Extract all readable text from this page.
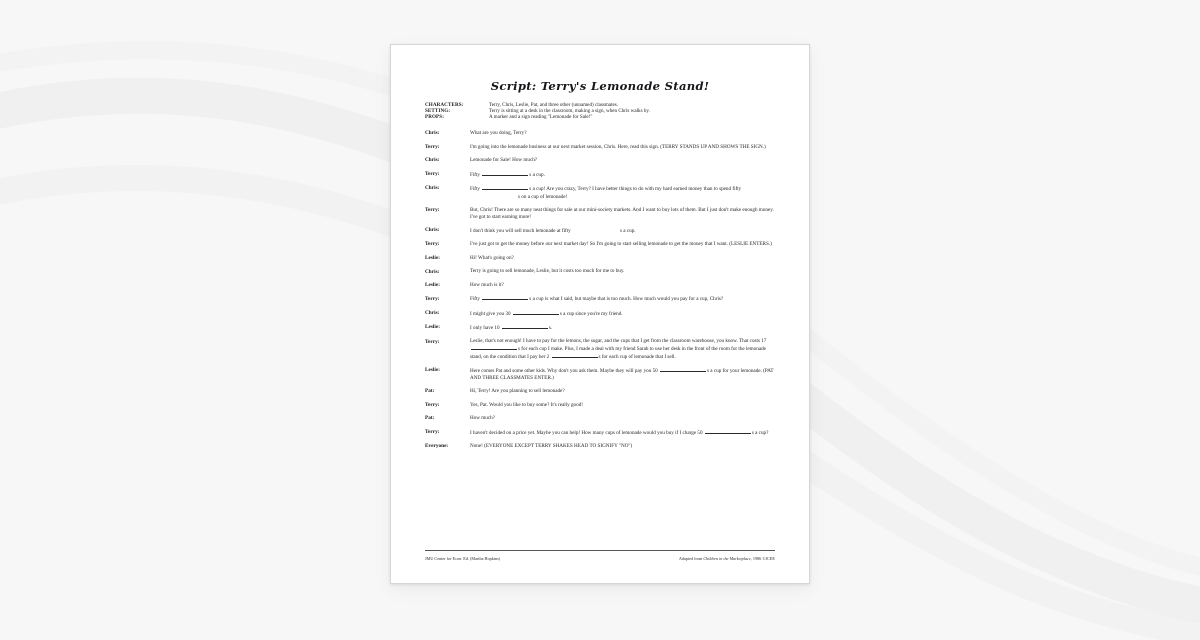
Script: Terry's Lemonade Stand!
CHARACTERS:	Terry, Chris, Leslie, Pat, and three other (unnamed) classmates.
SETTING:	Terry is sitting at a desk in the classroom, making a sign, when Chris walks by.
PROPS:	A marker and a sign reading "Lemonade for Sale!"
Chris:	What are you doing, Terry?
Terry:	I'm going into the lemonade business at our next market session, Chris. Here, read this sign. (TERRY STANDS UP AND SHOWS THE SIGN.)
Chris:	Lemonade for Sale! How much?
Terry:	Fifty	s a cup.
Chris:	Fifty	s a cup! Are you crazy, Terry? I have better things to do with my hard earned money than to spend fifty s on a cup of lemonade!
Terry:	But, Chris! There are so many neat things for sale at our mini-society markets. And I want to buy lots of them. But I just don't make enough money. I've got to start earning more!
Chris:	I don't think you will sell much lemonade at fifty	s a cup.
Terry:	I've just got to get the money before our next market day! So I'm going to start selling lemonade to get the money that I want. (LESLIE ENTERS.)
Leslie:	Hi! What's going on?
Chris:	Terry is going to sell lemonade, Leslie, but it costs too much for me to buy.
Leslie:	How much is it?
Terry:	Fifty	s a cup is what I said, but maybe that is too much. How much would you pay for a cup, Chris?
Chris:	I might give you 30	s a cup since you're my friend.
Leslie:	I only have 10	s.
Terry:	Leslie, that's not enough! I have to pay for the lemons, the sugar, and the cups that I get from the classroom warehouse, you know. That costs 17 s for each cup I make. Plus, I made a deal with my friend Sarah to use her desk in the front of the room for the lemonade stand, on the condition that I pay her 2	s for each cup of lemonade that I sell.
Leslie:	Here comes Pat and some other kids. Why don't you ask them. Maybe they will pay you 50	s a cup for your lemonade. (PAT AND THREE CLASSMATES ENTER.)
Pat:	Hi, Terry! Are you planning to sell lemonade?
Terry:	Yes, Pat. Would you like to buy some? It's really good!
Pat:	How much?
Terry:	I haven't decided on a price yet. Maybe you can help! How many cups of lemonade would you buy if I charge 50	s a cup?
Everyone:	None! (EVERYONE EXCEPT TERRY SHAKES HEAD TO SIGNIFY "NO")
JMU Center for Econ. Ed. (Martha Hopkins)	Adapted from Children in the Marketplace, 1986 ©JCEE
